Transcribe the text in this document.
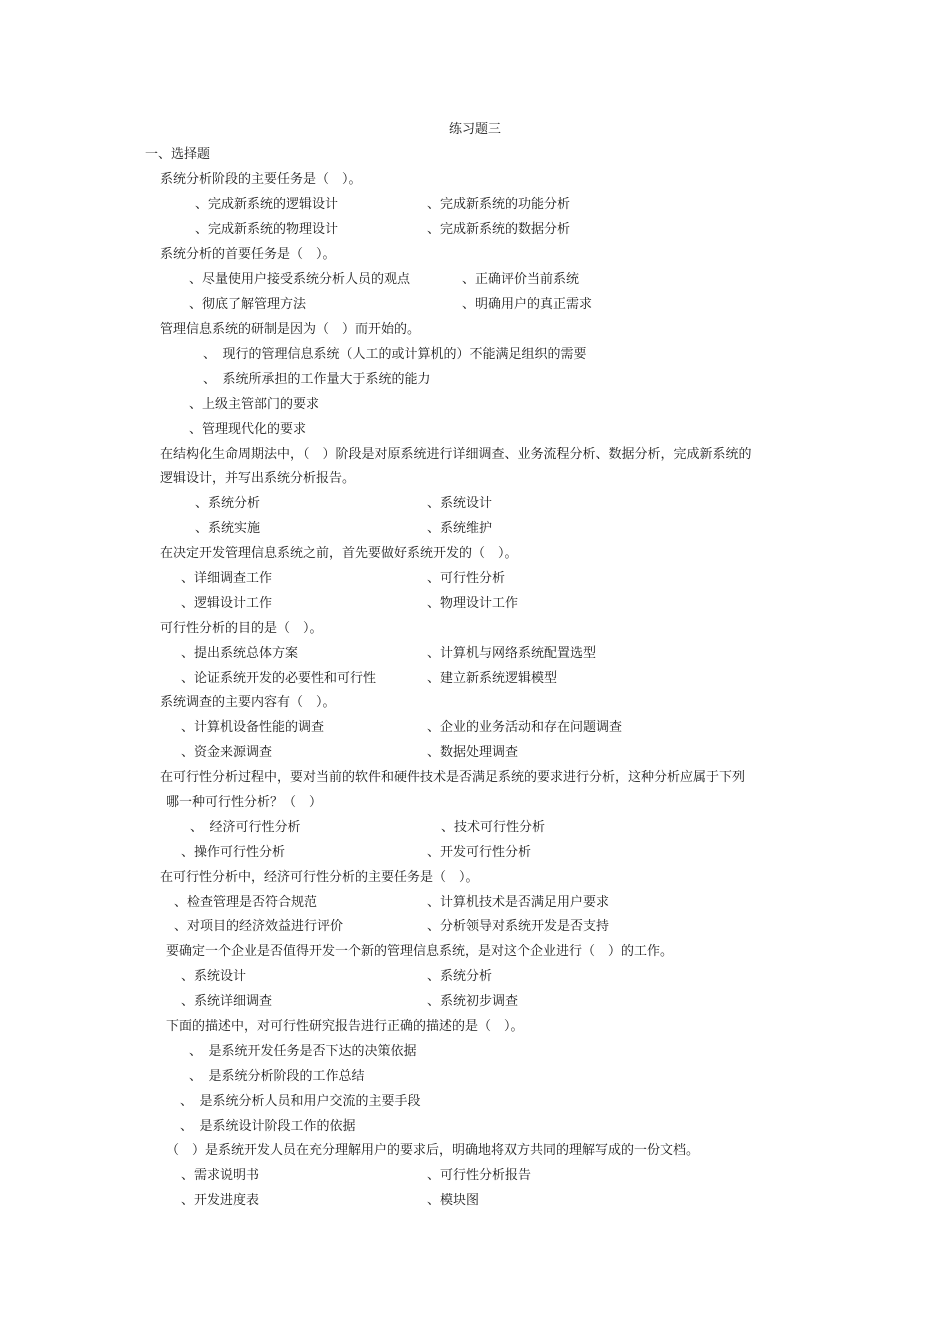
练习题三
一、选择题
系统分析阶段的主要任务是（　）。
、完成新系统的逻辑设计	、完成新系统的功能分析
、完成新系统的物理设计	、完成新系统的数据分析
系统分析的首要任务是（　）。
、尽量使用户接受系统分析人员的观点	、正确评价当前系统
、彻底了解管理方法	、明确用户的真正需求
管理信息系统的研制是因为（　）而开始的。
、　现行的管理信息系统（人工的或计算机的）不能满足组织的需要
、　系统所承担的工作量大于系统的能力
、上级主管部门的要求
、管理现代化的要求
在结构化生命周期法中，（　）阶段是对原系统进行详细调查、业务流程分析、数据分析，完成新系统的
逻辑设计，并写出系统分析报告。
、系统分析	、系统设计
、系统实施	、系统维护
在决定开发管理信息系统之前，首先要做好系统开发的（　）。
、详细调查工作	、可行性分析
、逻辑设计工作	、物理设计工作
可行性分析的目的是（　）。
、提出系统总体方案	、计算机与网络系统配置选型
、论证系统开发的必要性和可行性	、建立新系统逻辑模型
系统调查的主要内容有（　）。
、计算机设备性能的调查	、企业的业务活动和存在问题调查
、资金来源调查	、数据处理调查
在可行性分析过程中，要对当前的软件和硬件技术是否满足系统的要求进行分析，这种分析应属于下列
哪一种可行性分析？（　）
、　经济可行性分析	、技术可行性分析
、操作可行性分析	、开发可行性分析
在可行性分析中，经济可行性分析的主要任务是（　）。
、检查管理是否符合规范	、计算机技术是否满足用户要求
、对项目的经济效益进行评价	、分析领导对系统开发是否支持
要确定一个企业是否值得开发一个新的管理信息系统，是对这个企业进行（　）的工作。
、系统设计	、系统分析
、系统详细调查	、系统初步调查
下面的描述中，对可行性研究报告进行正确的描述的是（　）。
、　是系统开发任务是否下达的决策依据
、　是系统分析阶段的工作总结
、　是系统分析人员和用户交流的主要手段
、　是系统设计阶段工作的依据
（　）是系统开发人员在充分理解用户的要求后，明确地将双方共同的理解写成的一份文档。
、需求说明书	、可行性分析报告
、开发进度表	、模块图
